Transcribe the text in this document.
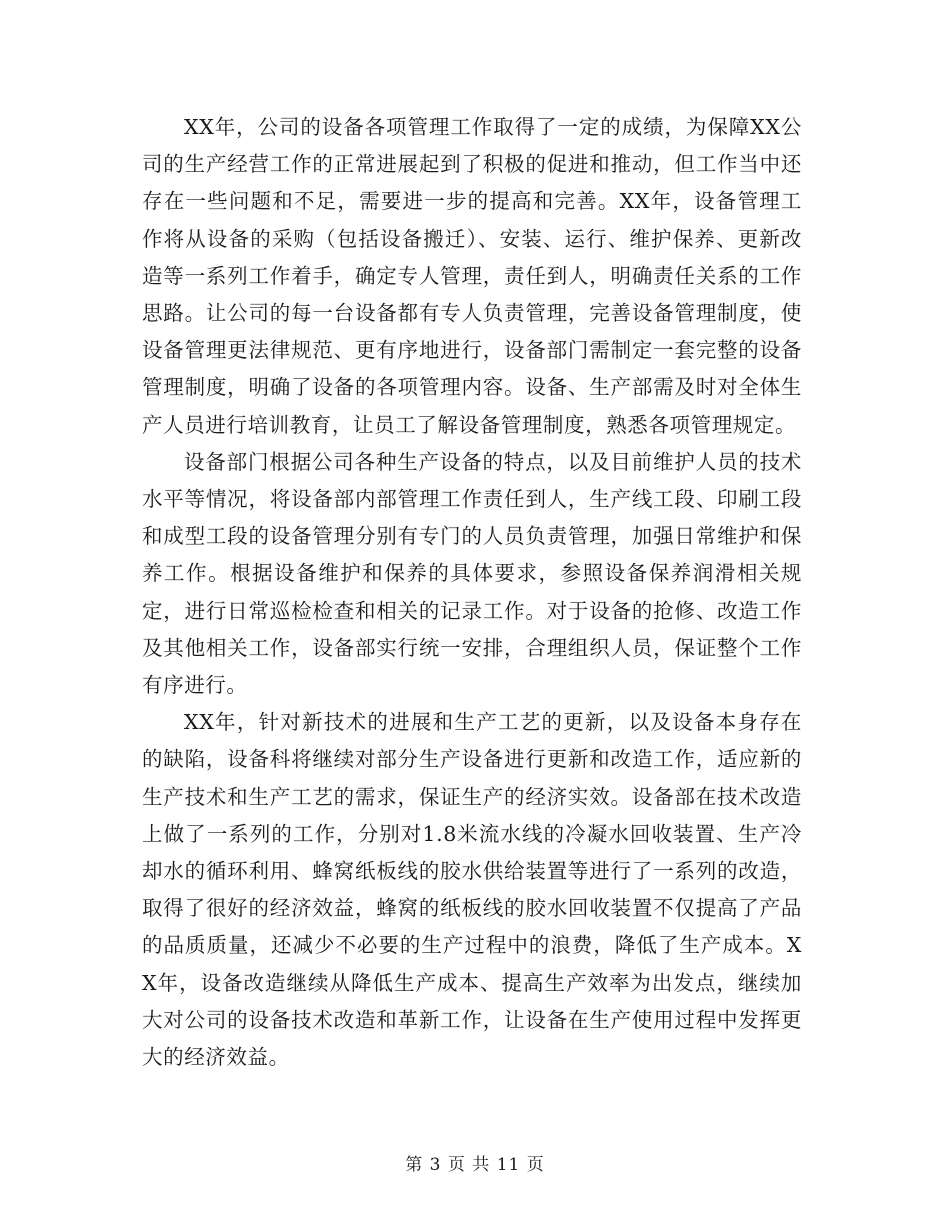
XX年，公司的设备各项管理工作取得了一定的成绩，为保障XX公司的生产经营工作的正常进展起到了积极的促进和推动，但工作当中还存在一些问题和不足，需要进一步的提高和完善。XX年，设备管理工作将从设备的采购（包括设备搬迁）、安装、运行、维护保养、更新改造等一系列工作着手，确定专人管理，责任到人，明确责任关系的工作思路。让公司的每一台设备都有专人负责管理，完善设备管理制度，使设备管理更法律规范、更有序地进行，设备部门需制定一套完整的设备管理制度，明确了设备的各项管理内容。设备、生产部需及时对全体生产人员进行培训教育，让员工了解设备管理制度，熟悉各项管理规定。

设备部门根据公司各种生产设备的特点，以及目前维护人员的技术水平等情况，将设备部内部管理工作责任到人，生产线工段、印刷工段和成型工段的设备管理分别有专门的人员负责管理，加强日常维护和保养工作。根据设备维护和保养的具体要求，参照设备保养润滑相关规定，进行日常巡检检查和相关的记录工作。对于设备的抢修、改造工作及其他相关工作，设备部实行统一安排，合理组织人员，保证整个工作有序进行。

XX年，针对新技术的进展和生产工艺的更新，以及设备本身存在的缺陷，设备科将继续对部分生产设备进行更新和改造工作，适应新的生产技术和生产工艺的需求，保证生产的经济实效。设备部在技术改造上做了一系列的工作，分别对1.8米流水线的冷凝水回收装置、生产冷却水的循环利用、蜂窝纸板线的胶水供给装置等进行了一系列的改造，取得了很好的经济效益，蜂窝的纸板线的胶水回收装置不仅提高了产品的品质质量，还减少不必要的生产过程中的浪费，降低了生产成本。XX年，设备改造继续从降低生产成本、提高生产效率为出发点，继续加大对公司的设备技术改造和革新工作，让设备在生产使用过程中发挥更大的经济效益。

第 3 页 共 11 页
